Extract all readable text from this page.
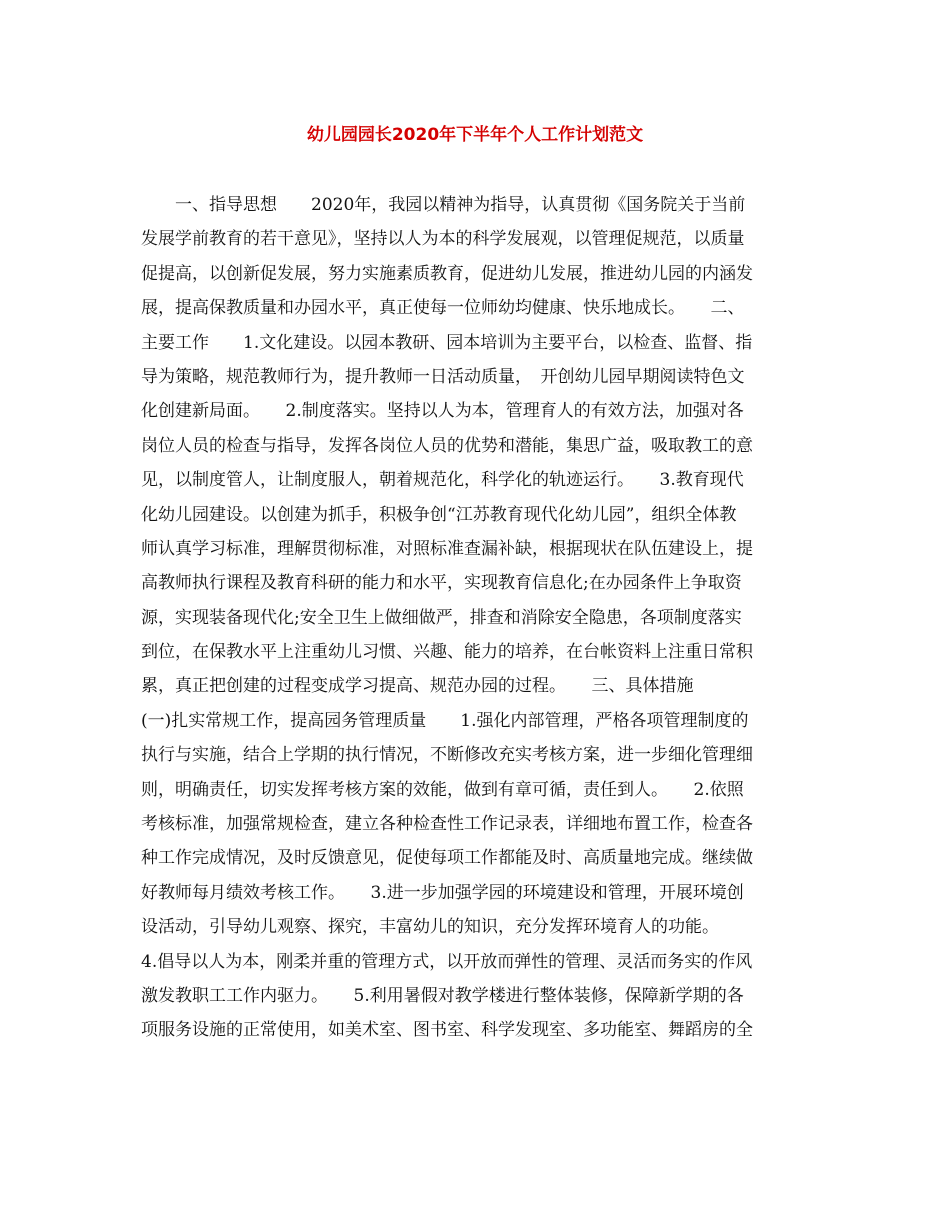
幼儿园园长2020年下半年个人工作计划范文
　　一、指导思想　　2020年，我园以精神为指导，认真贯彻《国务院关于当前
发展学前教育的若干意见》，坚持以人为本的科学发展观，以管理促规范，以质量
促提高，以创新促发展，努力实施素质教育，促进幼儿发展，推进幼儿园的内涵发
展，提高保教质量和办园水平，真正使每一位师幼均健康、快乐地成长。　　二、
主要工作　　1.文化建设。以园本教研、园本培训为主要平台，以检查、监督、指
导为策略，规范教师行为，提升教师一日活动质量，　开创幼儿园早期阅读特色文
化创建新局面。　　2.制度落实。坚持以人为本，管理育人的有效方法，加强对各
岗位人员的检查与指导，发挥各岗位人员的优势和潜能，集思广益，吸取教工的意
见，以制度管人，让制度服人，朝着规范化，科学化的轨迹运行。　　3.教育现代
化幼儿园建设。以创建为抓手，积极争创“江苏教育现代化幼儿园”，组织全体教
师认真学习标准，理解贯彻标准，对照标准查漏补缺，根据现状在队伍建设上，提
高教师执行课程及教育科研的能力和水平，实现教育信息化;在办园条件上争取资
源，实现装备现代化;安全卫生上做细做严，排查和消除安全隐患，各项制度落实
到位，在保教水平上注重幼儿习惯、兴趣、能力的培养，在台帐资料上注重日常积
累，真正把创建的过程变成学习提高、规范办园的过程。　　三、具体措施
(一)扎实常规工作，提高园务管理质量　　1.强化内部管理，严格各项管理制度的
执行与实施，结合上学期的执行情况，不断修改充实考核方案，进一步细化管理细
则，明确责任，切实发挥考核方案的效能，做到有章可循，责任到人。　　2.依照
考核标准，加强常规检查，建立各种检查性工作记录表，详细地布置工作，检查各
种工作完成情况，及时反馈意见，促使每项工作都能及时、高质量地完成。继续做
好教师每月绩效考核工作。　　3.进一步加强学园的环境建设和管理，开展环境创
设活动，引导幼儿观察、探究，丰富幼儿的知识，充分发挥环境育人的功能。
4.倡导以人为本，刚柔并重的管理方式，以开放而弹性的管理、灵活而务实的作风
激发教职工工作内驱力。　　5.利用暑假对教学楼进行整体装修，保障新学期的各
项服务设施的正常使用，如美术室、图书室、科学发现室、多功能室、舞蹈房的全
